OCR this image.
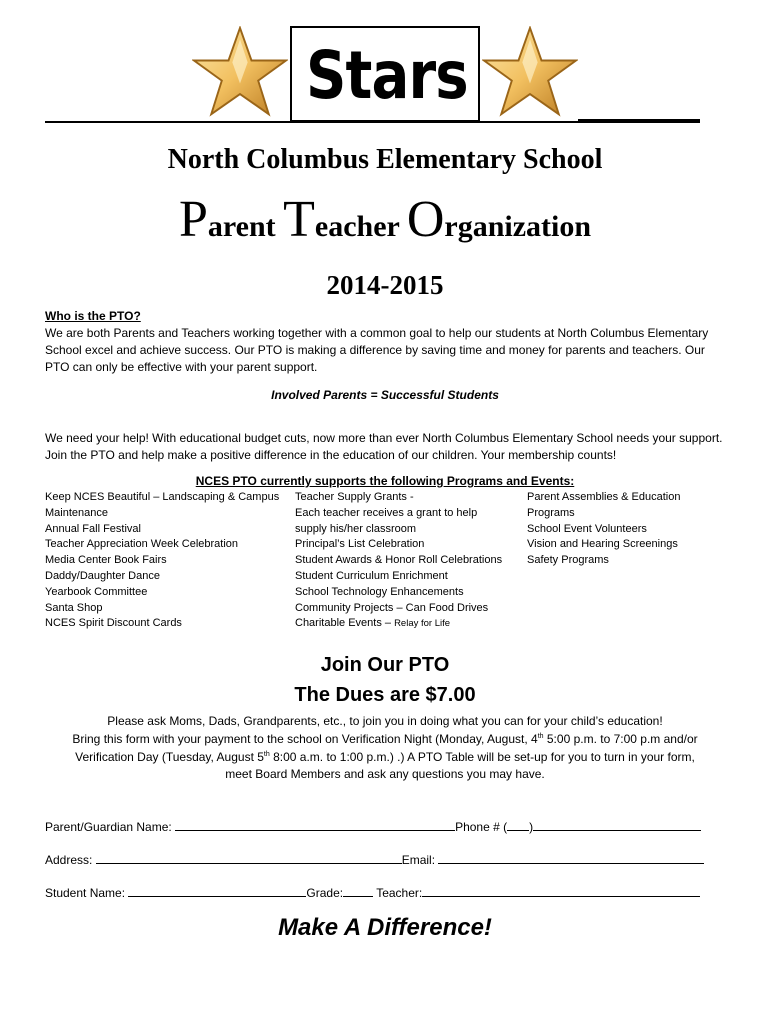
Stars
North Columbus Elementary School
Parent Teacher Organization
2014-2015
Who is the PTO?
We are both Parents and Teachers working together with a common goal to help our students at North Columbus Elementary School excel and achieve success. Our PTO is making a difference by saving time and money for parents and teachers. Our PTO can only be effective with your parent support.
Involved Parents = Successful Students
We need your help! With educational budget cuts, now more than ever North Columbus Elementary School needs your support. Join the PTO and help make a positive difference in the education of our children. Your membership counts!
NCES PTO currently supports the following Programs and Events:
Keep NCES Beautiful – Landscaping & Campus
Maintenance
Annual Fall Festival
Teacher Appreciation Week Celebration
Media Center Book Fairs
Daddy/Daughter Dance
Yearbook Committee
Santa Shop
NCES Spirit Discount Cards
Teacher Supply Grants -
Each teacher receives a grant to help
supply his/her classroom
Principal’s List Celebration
Student Awards & Honor Roll Celebrations
Student Curriculum Enrichment
School Technology Enhancements
Community Projects – Can Food Drives
Charitable Events – Relay for Life
Parent Assemblies & Education
Programs
School Event Volunteers
Vision and Hearing Screenings
Safety Programs
Join Our PTO
The Dues are $7.00
Please ask Moms, Dads, Grandparents, etc., to join you in doing what you can for your child’s education!
Bring this form with your payment to the school on Verification Night (Monday, August, 4th 5:00 p.m. to 7:00 p.m and/or
Verification Day (Tuesday, August 5th 8:00 a.m. to 1:00 p.m.) .) A PTO Table will be set-up for you to turn in your form,
meet Board Members and ask any questions you may have.
Parent/Guardian Name:	Phone # ( )
Address:	Email:
Student Name:	Grade:	Teacher:
Make A Difference!
